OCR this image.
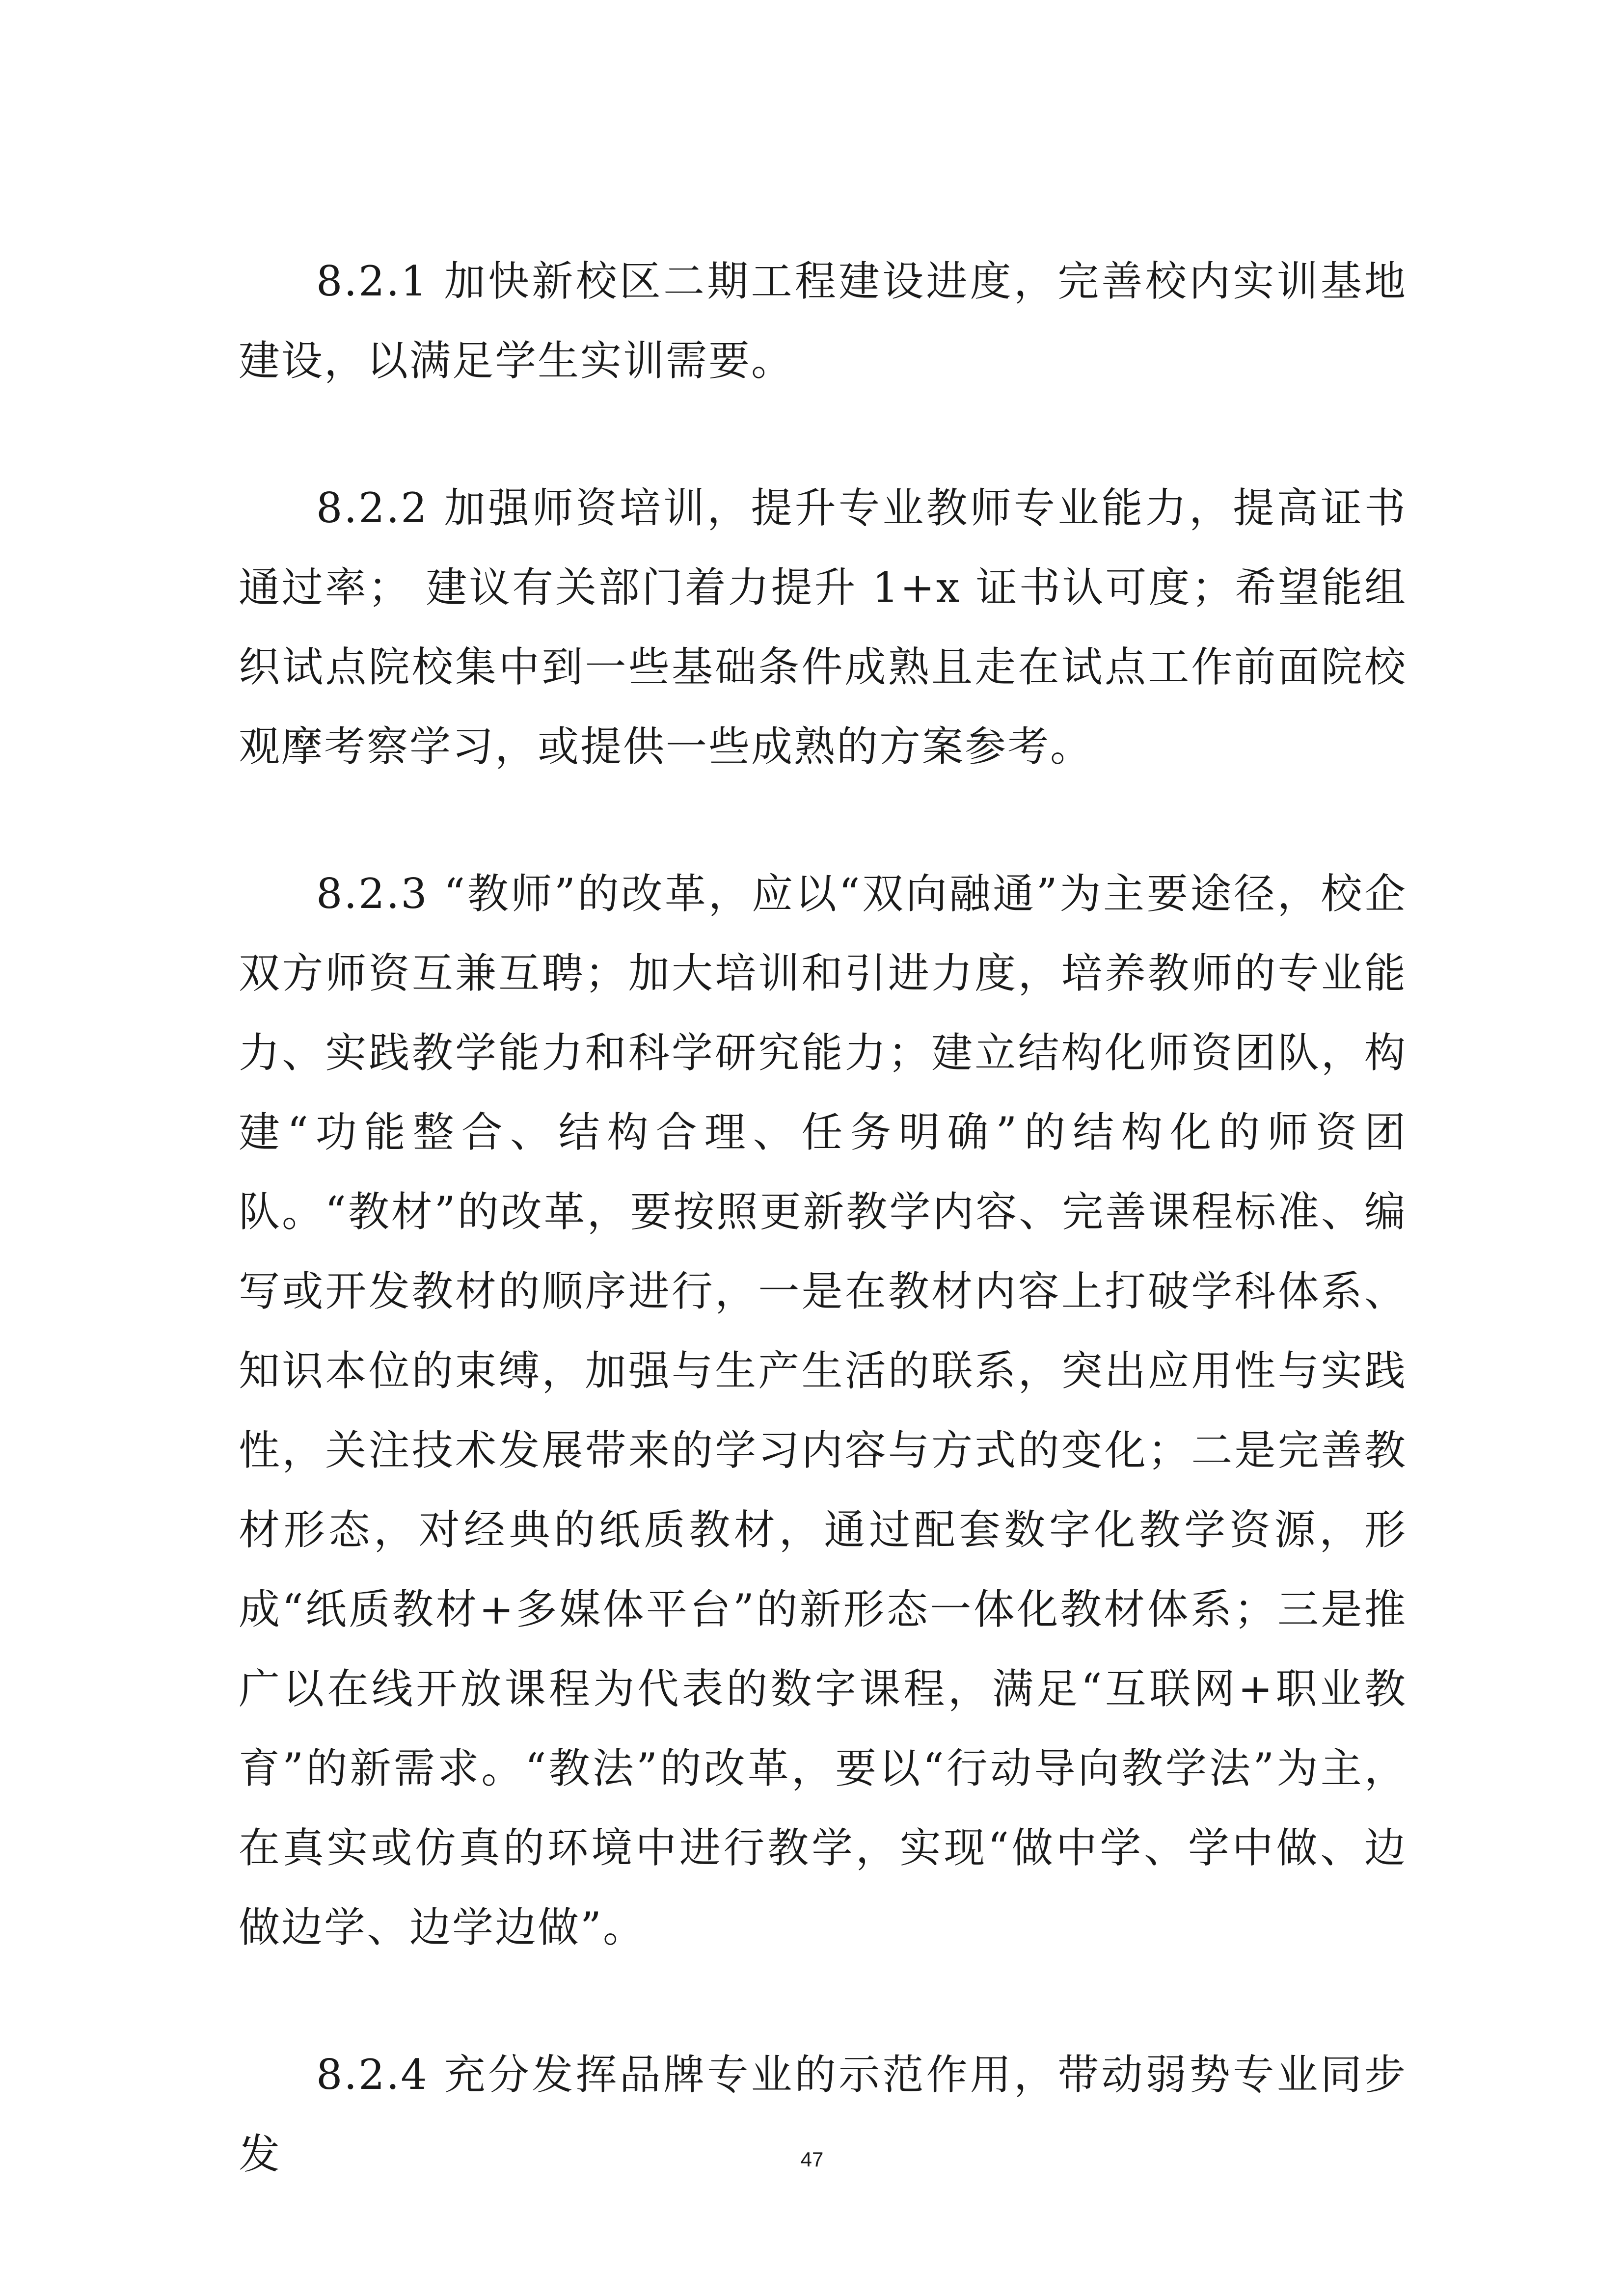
8.2.1 加快新校区二期工程建设进度，完善校内实训基地建设，以满足学生实训需要。

8.2.2 加强师资培训，提升专业教师专业能力，提高证书通过率； 建议有关部门着力提升 1+x 证书认可度；希望能组织试点院校集中到一些基础条件成熟且走在试点工作前面院校观摩考察学习，或提供一些成熟的方案参考。

8.2.3 “教师”的改革，应以“双向融通”为主要途径，校企双方师资互兼互聘；加大培训和引进力度，培养教师的专业能力、实践教学能力和科学研究能力；建立结构化师资团队，构建“功能整合、结构合理、任务明确”的结构化的师资团队。“教材”的改革，要按照更新教学内容、完善课程标准、编写或开发教材的顺序进行，一是在教材内容上打破学科体系、知识本位的束缚，加强与生产生活的联系，突出应用性与实践性，关注技术发展带来的学习内容与方式的变化；二是完善教材形态，对经典的纸质教材，通过配套数字化教学资源，形成“纸质教材+多媒体平台”的新形态一体化教材体系；三是推广以在线开放课程为代表的数字课程，满足“互联网+职业教育”的新需求。“教法”的改革，要以“行动导向教学法”为主，在真实或仿真的环境中进行教学，实现“做中学、学中做、边做边学、边学边做”。

8.2.4 充分发挥品牌专业的示范作用，带动弱势专业同步发	47
